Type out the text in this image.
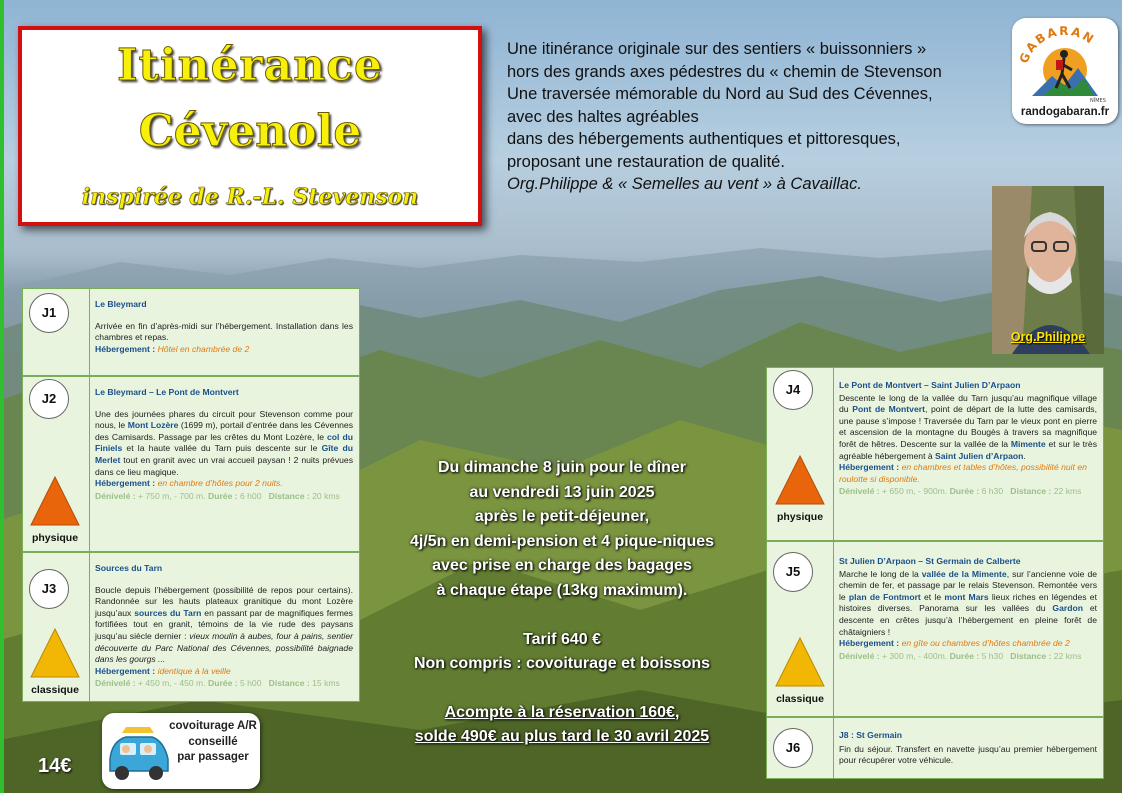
Itinérance
Cévenole
inspirée de R.-L. Stevenson
Une itinérance originale sur des sentiers « buissonniers »
hors des grands axes pédestres du « chemin de Stevenson
Une traversée mémorable du Nord au Sud des Cévennes,
avec des haltes agréables
dans des hébergements authentiques et pittoresques,
proposant une restauration de qualité.
Org.Philippe & « Semelles au vent » à Cavaillac.
GABARAN
NÎMES
randogabaran.fr
Org.Philippe
J1
Le Bleymard

Arrivée en fin d’après-midi sur l’hébergement. Installation dans les chambres et repas.

Hébergement : Hôtel en chambrée de 2
J2
physique
Le Bleymard – Le Pont de Montvert

Une des journées phares du circuit pour Stevenson comme pour nous, le Mont Lozère (1699 m), portail d’entrée dans les Cévennes des Camisards. Passage par les crêtes du Mont Lozère, le col du Finiels et la haute vallée du Tarn puis descente sur le Gîte du Merlet tout en granit avec un vrai accueil paysan ! 2 nuits prévues dans ce lieu magique.

Hébergement : en chambre d’hôtes pour 2 nuits.
Dénivelé : + 750 m, - 700 m. Durée : 6 h00 Distance : 20 kms
J3
classique
Sources du Tarn

Boucle depuis l’hébergement (possibilité de repos pour certains). Randonnée sur les hauts plateaux granitique du mont Lozère jusqu’aux sources du Tarn en passant par de magnifiques fermes fortifiées tout en granit, témoins de la vie rude des paysans jusqu’au siècle dernier : vieux moulin à aubes, four à pains, sentier découverte du Parc National des Cévennes, possibilité baignade dans les gourgs ...

Hébergement : identique à la veille
Dénivelé : + 450 m, - 450 m. Durée : 5 h00 Distance : 15 kms
J4
physique
Le Pont de Montvert – Saint Julien D’Arpaon

Descente le long de la vallée du Tarn jusqu’au magnifique village du Pont de Montvert, point de départ de la lutte des camisards, une pause s’impose ! Traversée du Tarn par le vieux pont en pierre et ascension de la montagne du Bougès à travers sa magnifique forêt de hêtres. Descente sur la vallée de la Mimente et sur le très agréable hébergement à Saint Julien d’Arpaon.

Hébergement : en chambres et tables d’hôtes, possibilité nuit en roulotte si disponible.
Dénivelé : + 650 m, - 900m. Durée : 6 h30 Distance : 22 kms
J5
classique
St Julien D’Arpaon – St Germain de Calberte

Marche le long de la vallée de la Mimente, sur l’ancienne voie de chemin de fer, et passage par le relais Stevenson. Remontée vers le plan de Fontmort et le mont Mars lieux riches en légendes et histoires diverses. Panorama sur les vallées du Gardon et descente en crêtes jusqu’à l’hébergement en pleine forêt de châtaigniers !

Hébergement : en gîte ou chambres d’hôtes chambrée de 2
Dénivelé : + 300 m, - 400m. Durée : 5 h30 Distance : 22 kms
J6
J8 : St Germain

Fin du séjour. Transfert en navette jusqu’au premier hébergement pour récupérer votre véhicule.

Du dimanche 8 juin pour le dîner
au vendredi 13 juin 2025
après le petit-déjeuner,
4j/5n en demi-pension et 4 pique-niques
avec prise en charge des bagages
à chaque étape (13kg maximum).
Tarif 640 €
Non compris : covoiturage et boissons
Acompte à la réservation 160€,
solde 490€ au plus tard le 30 avril 2025
covoiturage A/R
conseillé
par passager
14€
